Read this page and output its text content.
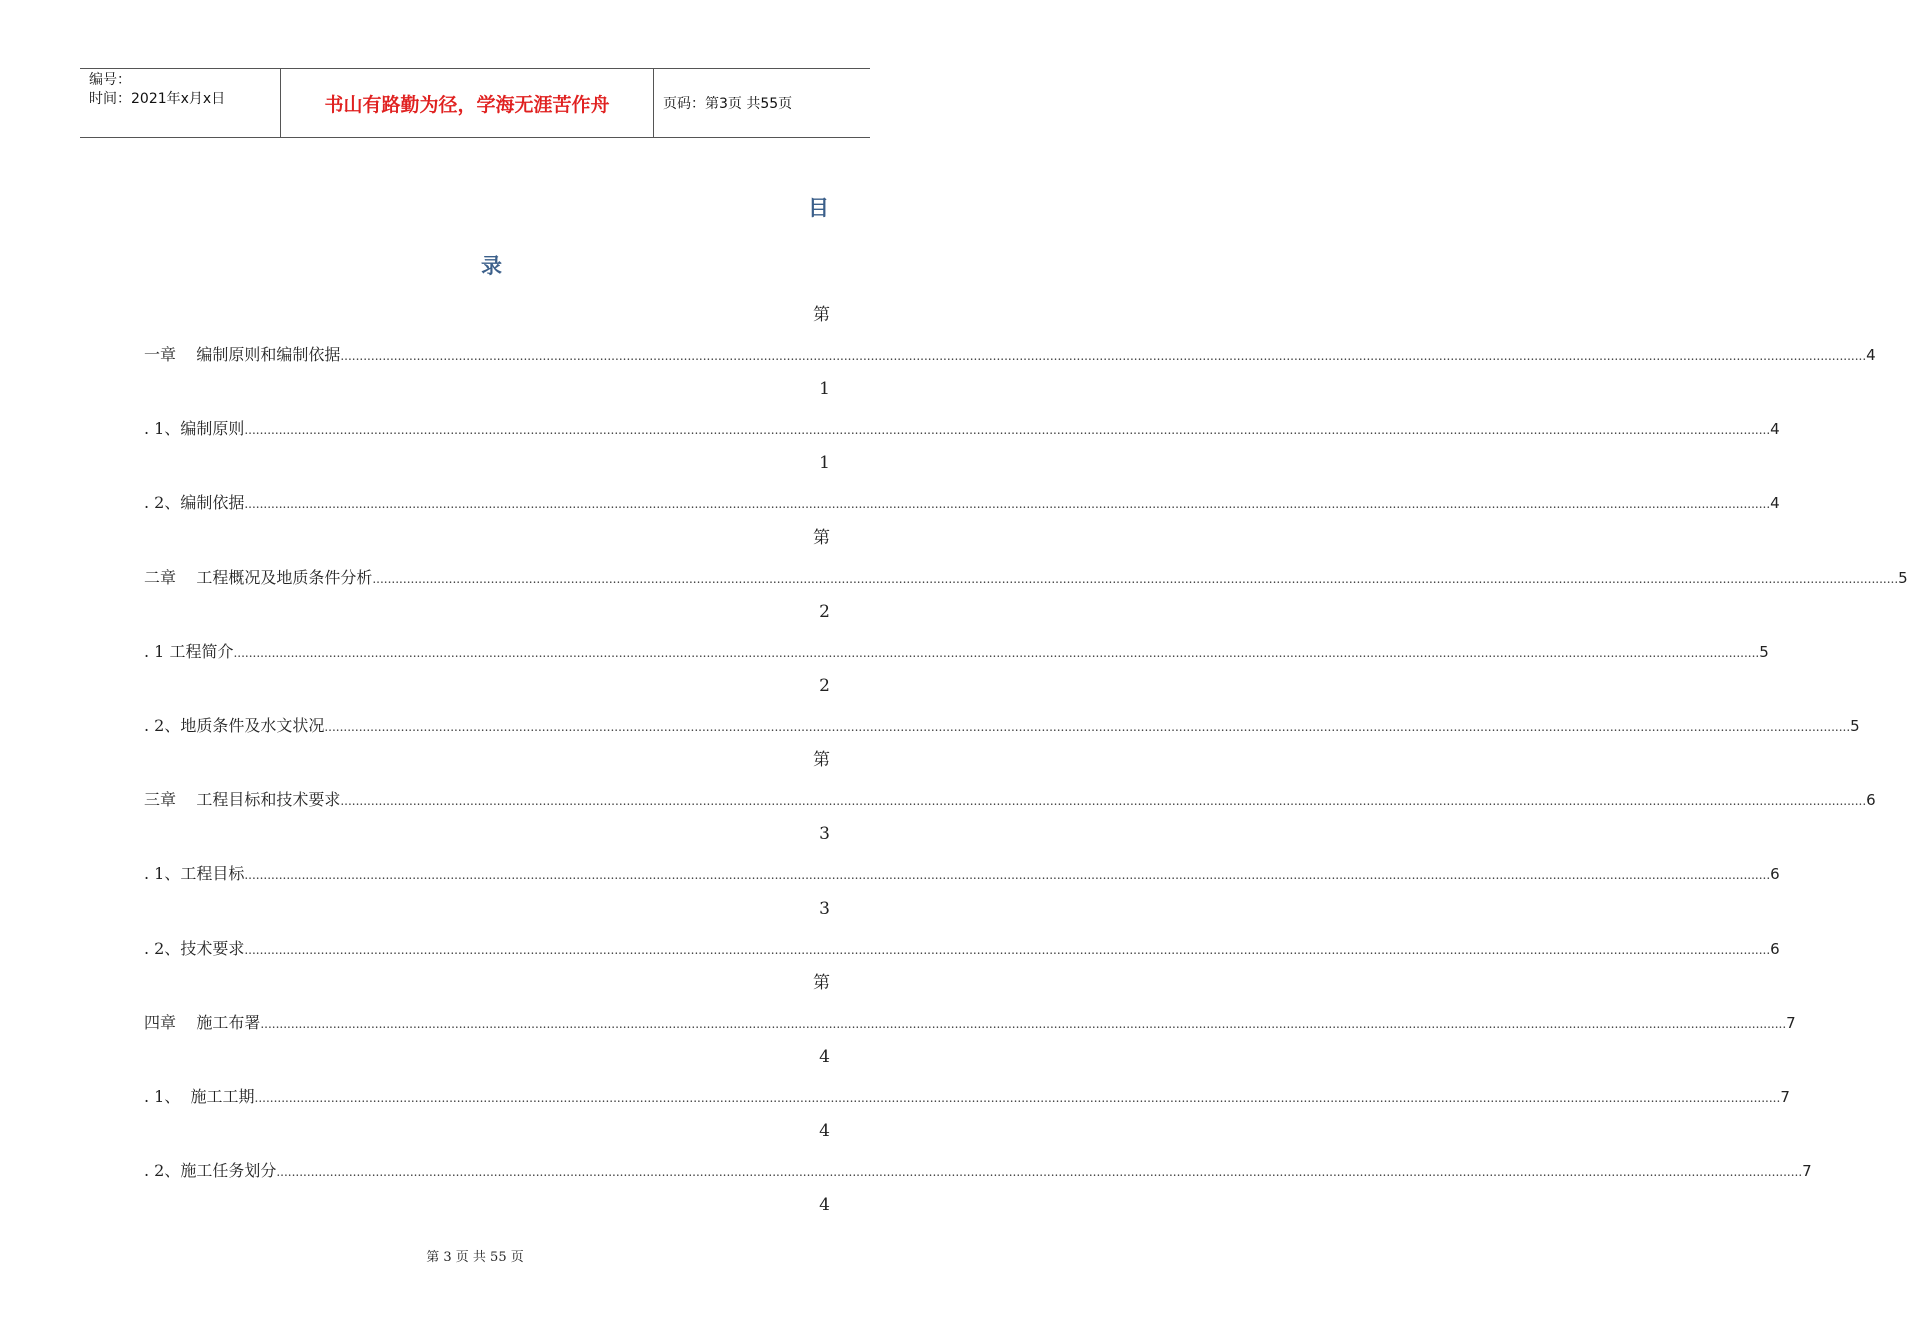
编号：
时间：2021年x月x日	书山有路勤为径，学海无涯苦作舟	页码：第3页 共55页
目
录
一章    编制原则和编制依据 ................................................................................................................................................................................................................................................................................................................................................................................................................ 4
. 1、编制原则 ................................................................................................................................................................................................................................................................................................................................................................................................................ 4
. 2、编制依据 ................................................................................................................................................................................................................................................................................................................................................................................................................ 4
二章    工程概况及地质条件分析 ................................................................................................................................................................................................................................................................................................................................................................................................................ 5
. 1 工程简介 ................................................................................................................................................................................................................................................................................................................................................................................................................ 5
. 2、地质条件及水文状况 ................................................................................................................................................................................................................................................................................................................................................................................................................ 5
三章    工程目标和技术要求 ................................................................................................................................................................................................................................................................................................................................................................................................................ 6
. 1、工程目标 ................................................................................................................................................................................................................................................................................................................................................................................................................ 6
. 2、技术要求 ................................................................................................................................................................................................................................................................................................................................................................................................................ 6
四章    施工布署 ................................................................................................................................................................................................................................................................................................................................................................................................................ 7
. 1、  施工工期 ................................................................................................................................................................................................................................................................................................................................................................................................................ 7
. 2、施工任务划分 ................................................................................................................................................................................................................................................................................................................................................................................................................ 7
第
1
1
第
2
2
第
3
3
第
4
4
4
第 3 页 共 55 页
